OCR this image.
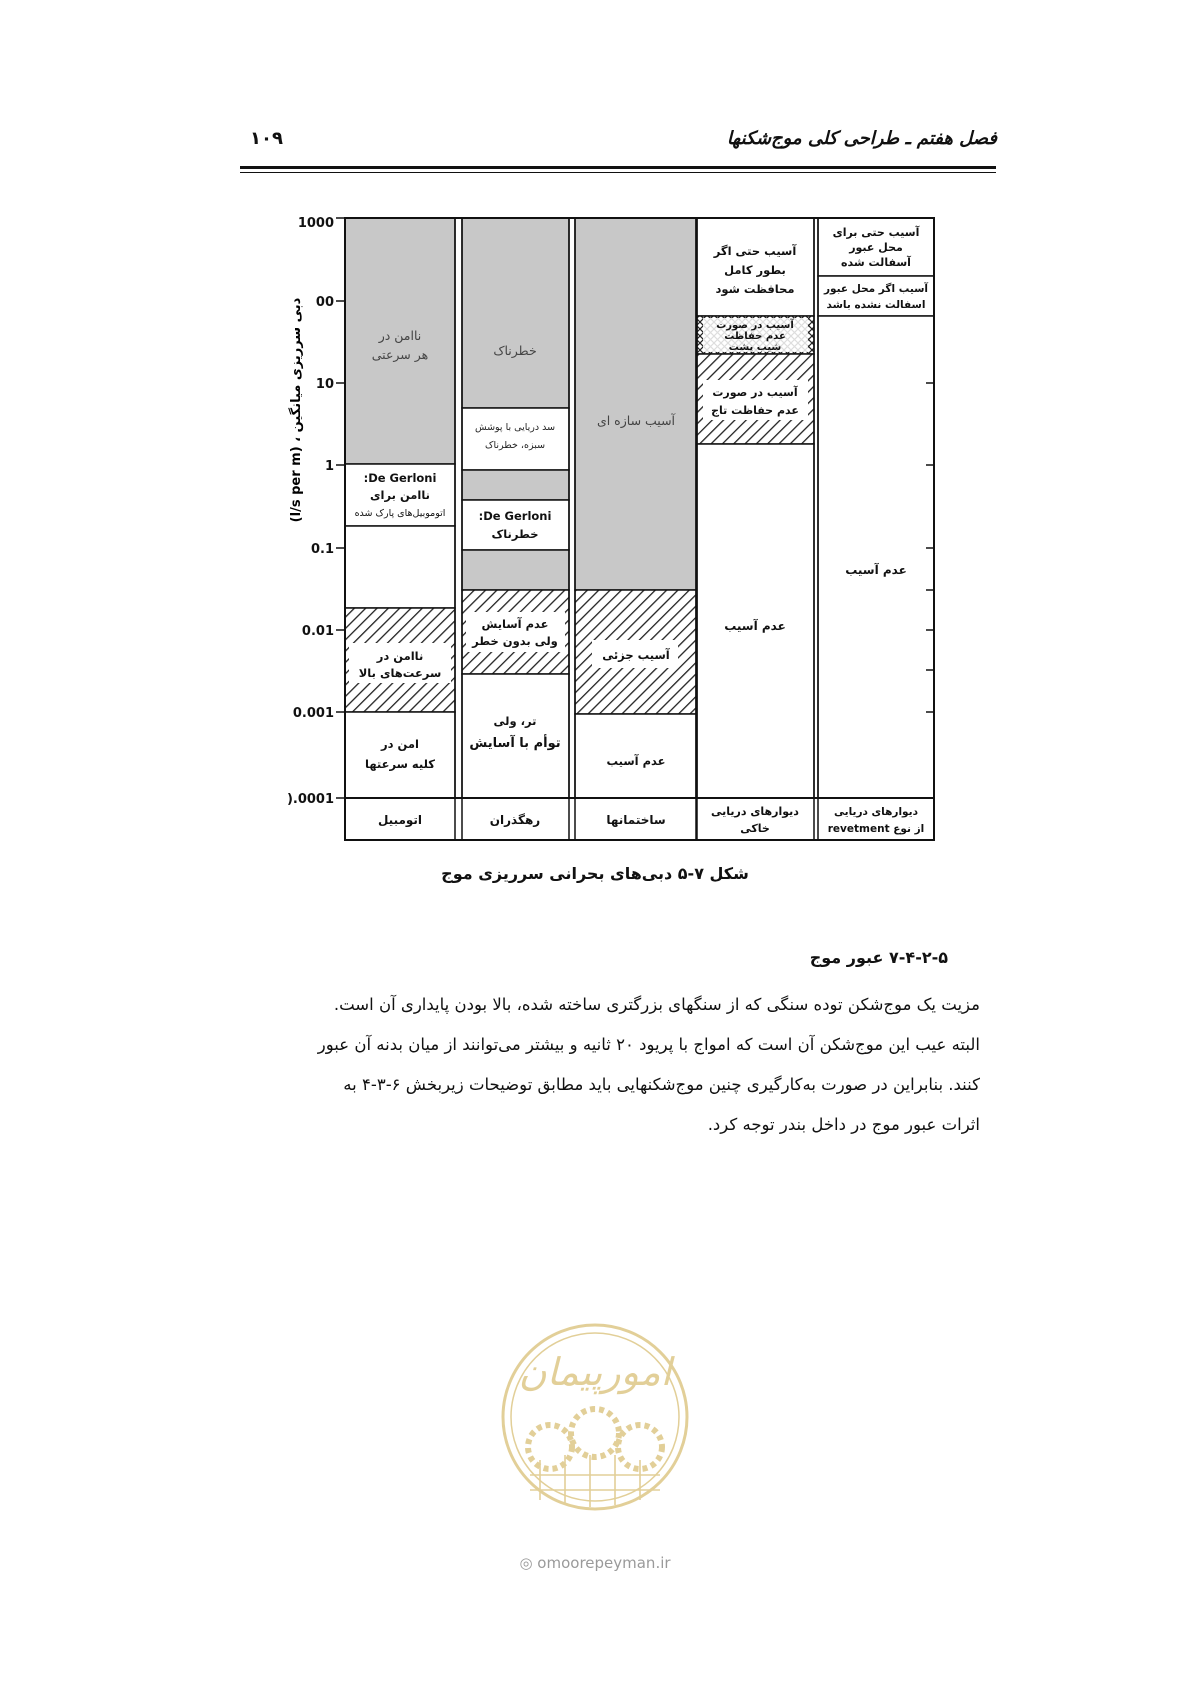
فصل هفتم ـ طراحی کلی موج‌شکنها
۱۰۹
1000
00
10
1
0.1
0.01
0.001
).0001
دبی سرریزی میانگین ، (l/s per m)	ناامن در
هر سرعتی
De Gerloni:
ناامن برای
اتوموبیل‌های پارک شده
ناامن در
سرعت‌های بالا
امن در
کلیه سرعتها
خطرناک
سد دریایی با پوشش
سبزه، خطرناک
De Gerloni:
خطرناک
عدم آسایش
ولی بدون خطر
تر، ولی
توأم با آسایش
آسیب سازه ای
آسیب جزئی
عدم آسیب
آسیب حتی اگر
بطور کامل
محافظت شود
آسیب در صورت
عدم حفاظت
شیب پشت
آسیب در صورت
عدم حفاظت تاج
عدم آسیب
آسیب حتی برای
محل عبور
آسفالت شده
آسیب اگر محل عبور
اسفالت نشده باشد
عدم آسیب
اتومبیل	رهگذران	ساختمانها
دیوارهای دریایی
خاکی
دیوارهای دریایی
از نوع revetment
شکل ۷-۵ دبی‌های بحرانی سرریزی موج
۷-۴-۲-۵ عبور موج
مزیت یک موج‌شکن توده سنگی که از سنگهای بزرگتری ساخته شده، بالا بودن پایداری آن است.
البته عیب این موج‌شکن آن است که امواج با پریود ۲۰ ثانیه و بیشتر می‌توانند از میان بدنه آن عبور
کنند. بنابراین در صورت به‌کارگیری چنین موج‌شکنهایی باید مطابق توضیحات زیربخش ۶-۳-۴ به
اثرات عبور موج در داخل بندر توجه کرد.
امورپیمان
◎ omoorepeyman.ir
